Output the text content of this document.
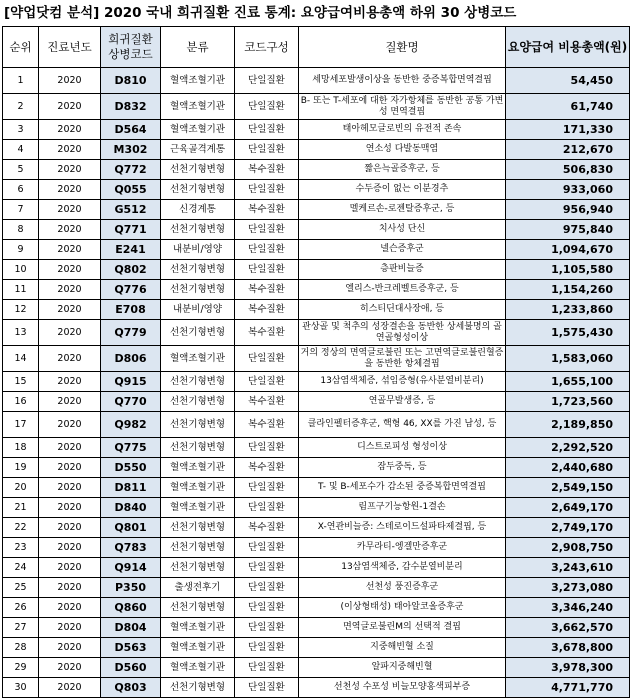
[약업닷컴 분석] 2020 국내 희귀질환 진료 통계: 요양급여비용총액 하위 30 상병코드
순위	진료년도	희귀질환 상병코드	분류	코드구성	질환명	요양급여 비용총액(원)
1	2020	D810	혈액조혈기관	단일질환	세망세포발생이상을 동반한 중증복합면역결핍	54,450
2	2020	D832	혈액조혈기관	단일질환	B- 또는 T-세포에 대한 자가항체를 동반한 공통 가변성 면역결핍	61,740
3	2020	D564	혈액조혈기관	단일질환	태아헤모글로빈의 유전적 존속	171,330
4	2020	M302	근육골격계통	단일질환	연소성 다발동맥염	212,670
5	2020	Q772	선천기형변형	복수질환	짧은늑골증후군, 등	506,830
6	2020	Q055	선천기형변형	단일질환	수두증이 없는 이분경추	933,060
7	2020	G512	신경계통	복수질환	멜케르손-로젠탈증후군, 등	956,940
8	2020	Q771	선천기형변형	단일질환	치사성 단신	975,840
9	2020	E241	내분비/영양	단일질환	넬슨증후군	1,094,670
10	2020	Q802	선천기형변형	단일질환	층판비늘증	1,105,580
11	2020	Q776	선천기형변형	복수질환	엘리스-반크레벨트증후군, 등	1,154,260
12	2020	E708	내분비/영양	복수질환	히스티딘대사장애, 등	1,233,860
13	2020	Q779	선천기형변형	복수질환	관상골 및 척추의 성장결손을 동반한 상세불명의 골연골형성이상	1,575,430
14	2020	D806	혈액조혈기관	단일질환	거의 정상의 면역글로불린 또는 고면역글로불린혈증을 동반한 항체결핍	1,583,060
15	2020	Q915	선천기형변형	단일질환	13삼염색체증, 섞임증형(유사분열비분리)	1,655,100
16	2020	Q770	선천기형변형	복수질환	연골무발생증, 등	1,723,560
17	2020	Q982	선천기형변형	복수질환	클라인펠터증후군, 핵형 46, XX를 가진 남성, 등	2,189,850
18	2020	Q775	선천기형변형	단일질환	디스트로피성 형성이상	2,292,520
19	2020	D550	혈액조혈기관	복수질환	잠두중독, 등	2,440,680
20	2020	D811	혈액조혈기관	단일질환	T- 및 B-세포수가 감소된 중증복합면역결핍	2,549,150
21	2020	D840	혈액조혈기관	단일질환	림프구기능항원-1결손	2,649,170
22	2020	Q801	선천기형변형	복수질환	X-연관비늘증: 스테로이드설파타제결핍, 등	2,749,170
23	2020	Q783	선천기형변형	단일질환	카무라티-엥겔만증후군	2,908,750
24	2020	Q914	선천기형변형	단일질환	13삼염색체증, 감수분열비분리	3,243,610
25	2020	P350	출생전후기	단일질환	선천성 풍진증후군	3,273,080
26	2020	Q860	선천기형변형	단일질환	(이상형태성) 태아알코올증후군	3,346,240
27	2020	D804	혈액조혈기관	단일질환	면역글로불린M의 선택적 결핍	3,662,570
28	2020	D563	혈액조혈기관	단일질환	지중해빈혈 소질	3,678,800
29	2020	D560	혈액조혈기관	단일질환	알파지중해빈혈	3,978,300
30	2020	Q803	선천기형변형	단일질환	선천성 수포성 비늘모양홍색피부증	4,771,770
